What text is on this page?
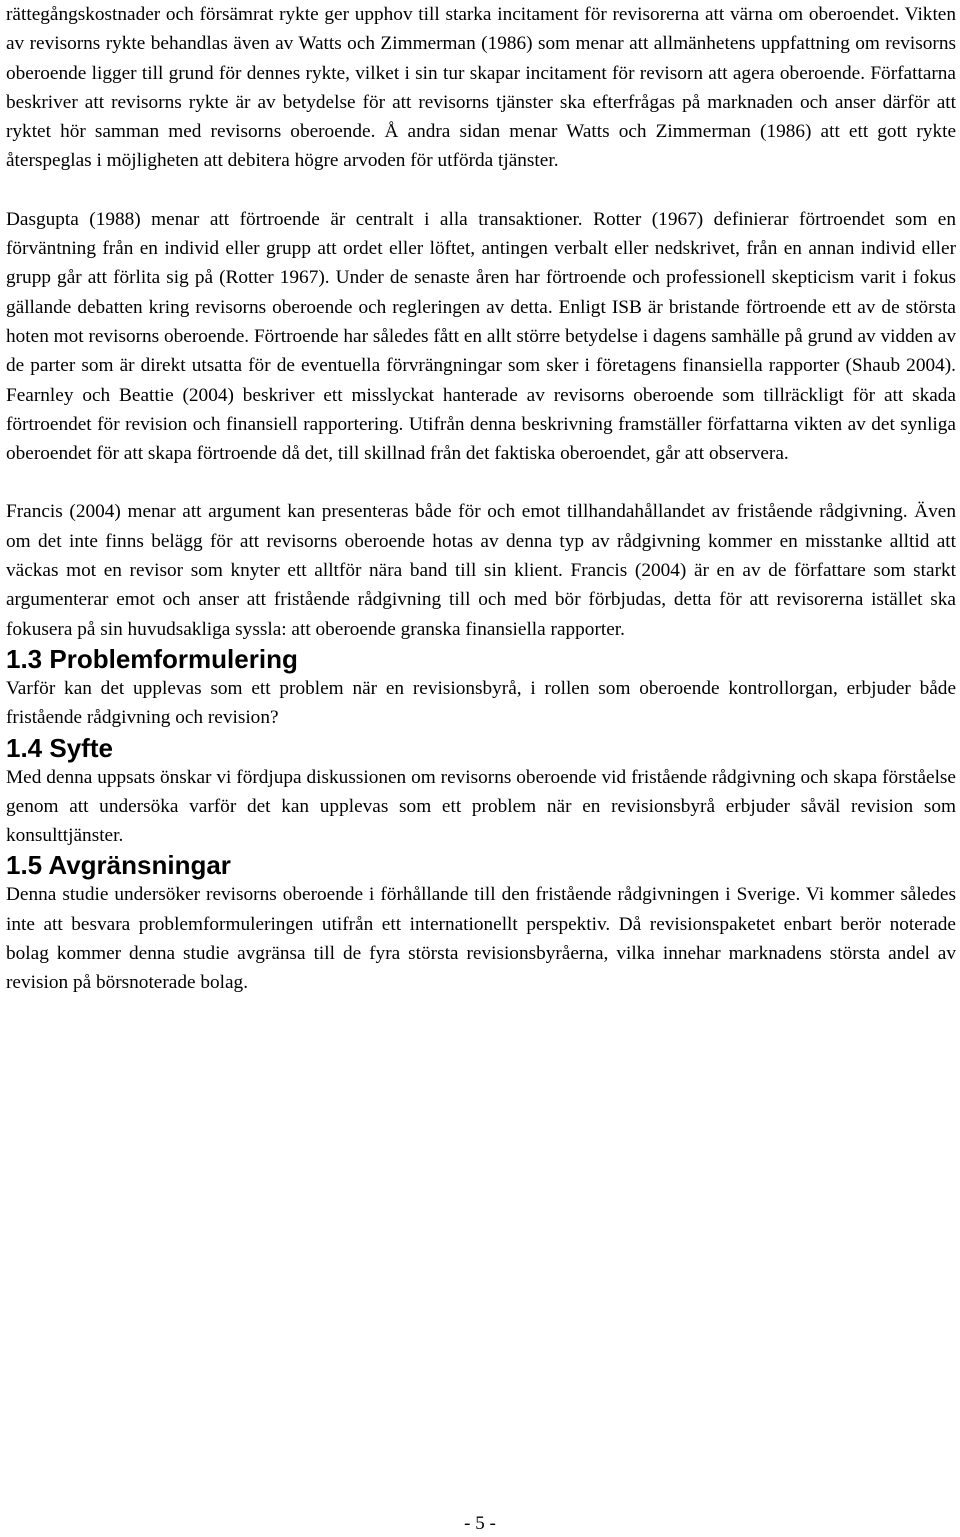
rättegångskostnader och försämrat rykte ger upphov till starka incitament för revisorerna att värna om oberoendet. Vikten av revisorns rykte behandlas även av Watts och Zimmerman (1986) som menar att allmänhetens uppfattning om revisorns oberoende ligger till grund för dennes rykte, vilket i sin tur skapar incitament för revisorn att agera oberoende. Författarna beskriver att revisorns rykte är av betydelse för att revisorns tjänster ska efterfrågas på marknaden och anser därför att ryktet hör samman med revisorns oberoende. Å andra sidan menar Watts och Zimmerman (1986) att ett gott rykte återspeglas i möjligheten att debitera högre arvoden för utförda tjänster.

Dasgupta (1988) menar att förtroende är centralt i alla transaktioner. Rotter (1967) definierar förtroendet som en förväntning från en individ eller grupp att ordet eller löftet, antingen verbalt eller nedskrivet, från en annan individ eller grupp går att förlita sig på (Rotter 1967). Under de senaste åren har förtroende och professionell skepticism varit i fokus gällande debatten kring revisorns oberoende och regleringen av detta. Enligt ISB är bristande förtroende ett av de största hoten mot revisorns oberoende. Förtroende har således fått en allt större betydelse i dagens samhälle på grund av vidden av de parter som är direkt utsatta för de eventuella förvrängningar som sker i företagens finansiella rapporter (Shaub 2004). Fearnley och Beattie (2004) beskriver ett misslyckat hanterade av revisorns oberoende som tillräckligt för att skada förtroendet för revision och finansiell rapportering. Utifrån denna beskrivning framställer författarna vikten av det synliga oberoendet för att skapa förtroende då det, till skillnad från det faktiska oberoendet, går att observera.

Francis (2004) menar att argument kan presenteras både för och emot tillhandahållandet av fristående rådgivning. Även om det inte finns belägg för att revisorns oberoende hotas av denna typ av rådgivning kommer en misstanke alltid att väckas mot en revisor som knyter ett alltför nära band till sin klient. Francis (2004) är en av de författare som starkt argumenterar emot och anser att fristående rådgivning till och med bör förbjudas, detta för att revisorerna istället ska fokusera på sin huvudsakliga syssla: att oberoende granska finansiella rapporter.

1.3 Problemformulering

Varför kan det upplevas som ett problem när en revisionsbyrå, i rollen som oberoende kontrollorgan, erbjuder både fristående rådgivning och revision?

1.4 Syfte

Med denna uppsats önskar vi fördjupa diskussionen om revisorns oberoende vid fristående rådgivning och skapa förståelse genom att undersöka varför det kan upplevas som ett problem när en revisionsbyrå erbjuder såväl revision som konsulttjänster.

1.5 Avgränsningar

Denna studie undersöker revisorns oberoende i förhållande till den fristående rådgivningen i Sverige. Vi kommer således inte att besvara problemformuleringen utifrån ett internationellt perspektiv. Då revisionspaketet enbart berör noterade bolag kommer denna studie avgränsa till de fyra största revisionsbyråerna, vilka innehar marknadens största andel av revision på börsnoterade bolag.

- 5 -
